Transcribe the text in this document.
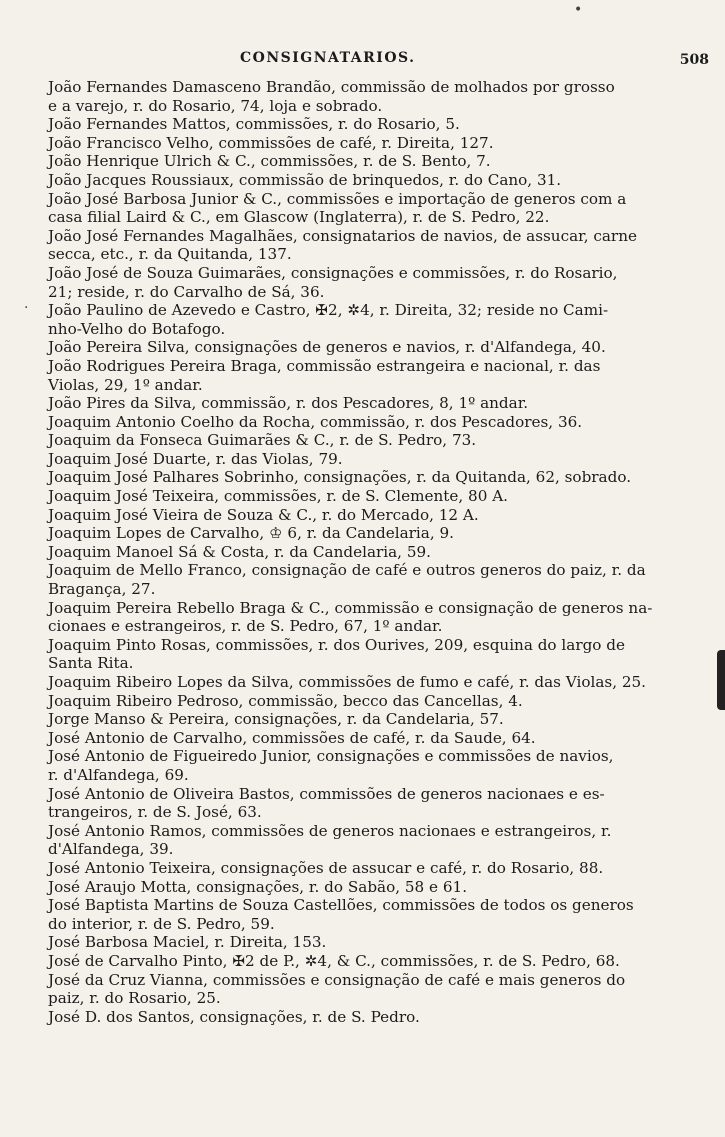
CONSIGNATARIOS.	508
•
·

João Fernandes Damasceno Brandão, commissão de molhados por grosso
e a varejo, r. do Rosario, 74, loja e sobrado.

João Fernandes Mattos, commissões, r. do Rosario, 5.

João Francisco Velho, commissões de café, r. Direita, 127.

João Henrique Ulrich & C., commissões, r. de S. Bento, 7.

João Jacques Roussiaux, commissão de brinquedos, r. do Cano, 31.

João José Barbosa Junior & C., commissões e importação de generos com a
casa filial Laird & C., em Glascow (Inglaterra), r. de S. Pedro, 22.

João José Fernandes Magalhães, consignatarios de navios, de assucar, carne
secca, etc., r. da Quitanda, 137.

João José de Souza Guimarães, consignações e commissões, r. do Rosario,
21; reside, r. do Carvalho de Sá, 36.

João Paulino de Azevedo e Castro, ✠2, ✲4, r. Direita, 32; reside no Cami-
nho-Velho do Botafogo.

João Pereira Silva, consignações de generos e navios, r. d'Alfandega, 40.

João Rodrigues Pereira Braga, commissão estrangeira e nacional, r. das
Violas, 29, 1º andar.

João Pires da Silva, commissão, r. dos Pescadores, 8, 1º andar.

Joaquim Antonio Coelho da Rocha, commissão, r. dos Pescadores, 36.

Joaquim da Fonseca Guimarães & C., r. de S. Pedro, 73.

Joaquim José Duarte, r. das Violas, 79.

Joaquim José Palhares Sobrinho, consignações, r. da Quitanda, 62, sobrado.

Joaquim José Teixeira, commissões, r. de S. Clemente, 80 A.

Joaquim José Vieira de Souza & C., r. do Mercado, 12 A.

Joaquim Lopes de Carvalho, ♔ 6, r. da Candelaria, 9.

Joaquim Manoel Sá & Costa, r. da Candelaria, 59.

Joaquim de Mello Franco, consignação de café e outros generos do paiz, r. da
Bragança, 27.

Joaquim Pereira Rebello Braga & C., commissão e consignação de generos na-
cionaes e estrangeiros, r. de S. Pedro, 67, 1º andar.

Joaquim Pinto Rosas, commissões, r. dos Ourives, 209, esquina do largo de
Santa Rita.

Joaquim Ribeiro Lopes da Silva, commissões de fumo e café, r. das Violas, 25.

Joaquim Ribeiro Pedroso, commissão, becco das Cancellas, 4.

Jorge Manso & Pereira, consignações, r. da Candelaria, 57.

José Antonio de Carvalho, commissões de café, r. da Saude, 64.

José Antonio de Figueiredo Junior, consignações e commissões de navios,
r. d'Alfandega, 69.

José Antonio de Oliveira Bastos, commissões de generos nacionaes e es-
trangeiros, r. de S. José, 63.

José Antonio Ramos, commissões de generos nacionaes e estrangeiros, r.
d'Alfandega, 39.

José Antonio Teixeira, consignações de assucar e café, r. do Rosario, 88.

José Araujo Motta, consignações, r. do Sabão, 58 e 61.

José Baptista Martins de Souza Castellões, commissões de todos os generos
do interior, r. de S. Pedro, 59.

José Barbosa Maciel, r. Direita, 153.

José de Carvalho Pinto, ✠2 de P., ✲4, & C., commissões, r. de S. Pedro, 68.

José da Cruz Vianna, commissões e consignação de café e mais generos do
paiz, r. do Rosario, 25.

José D. dos Santos, consignações, r. de S. Pedro.
